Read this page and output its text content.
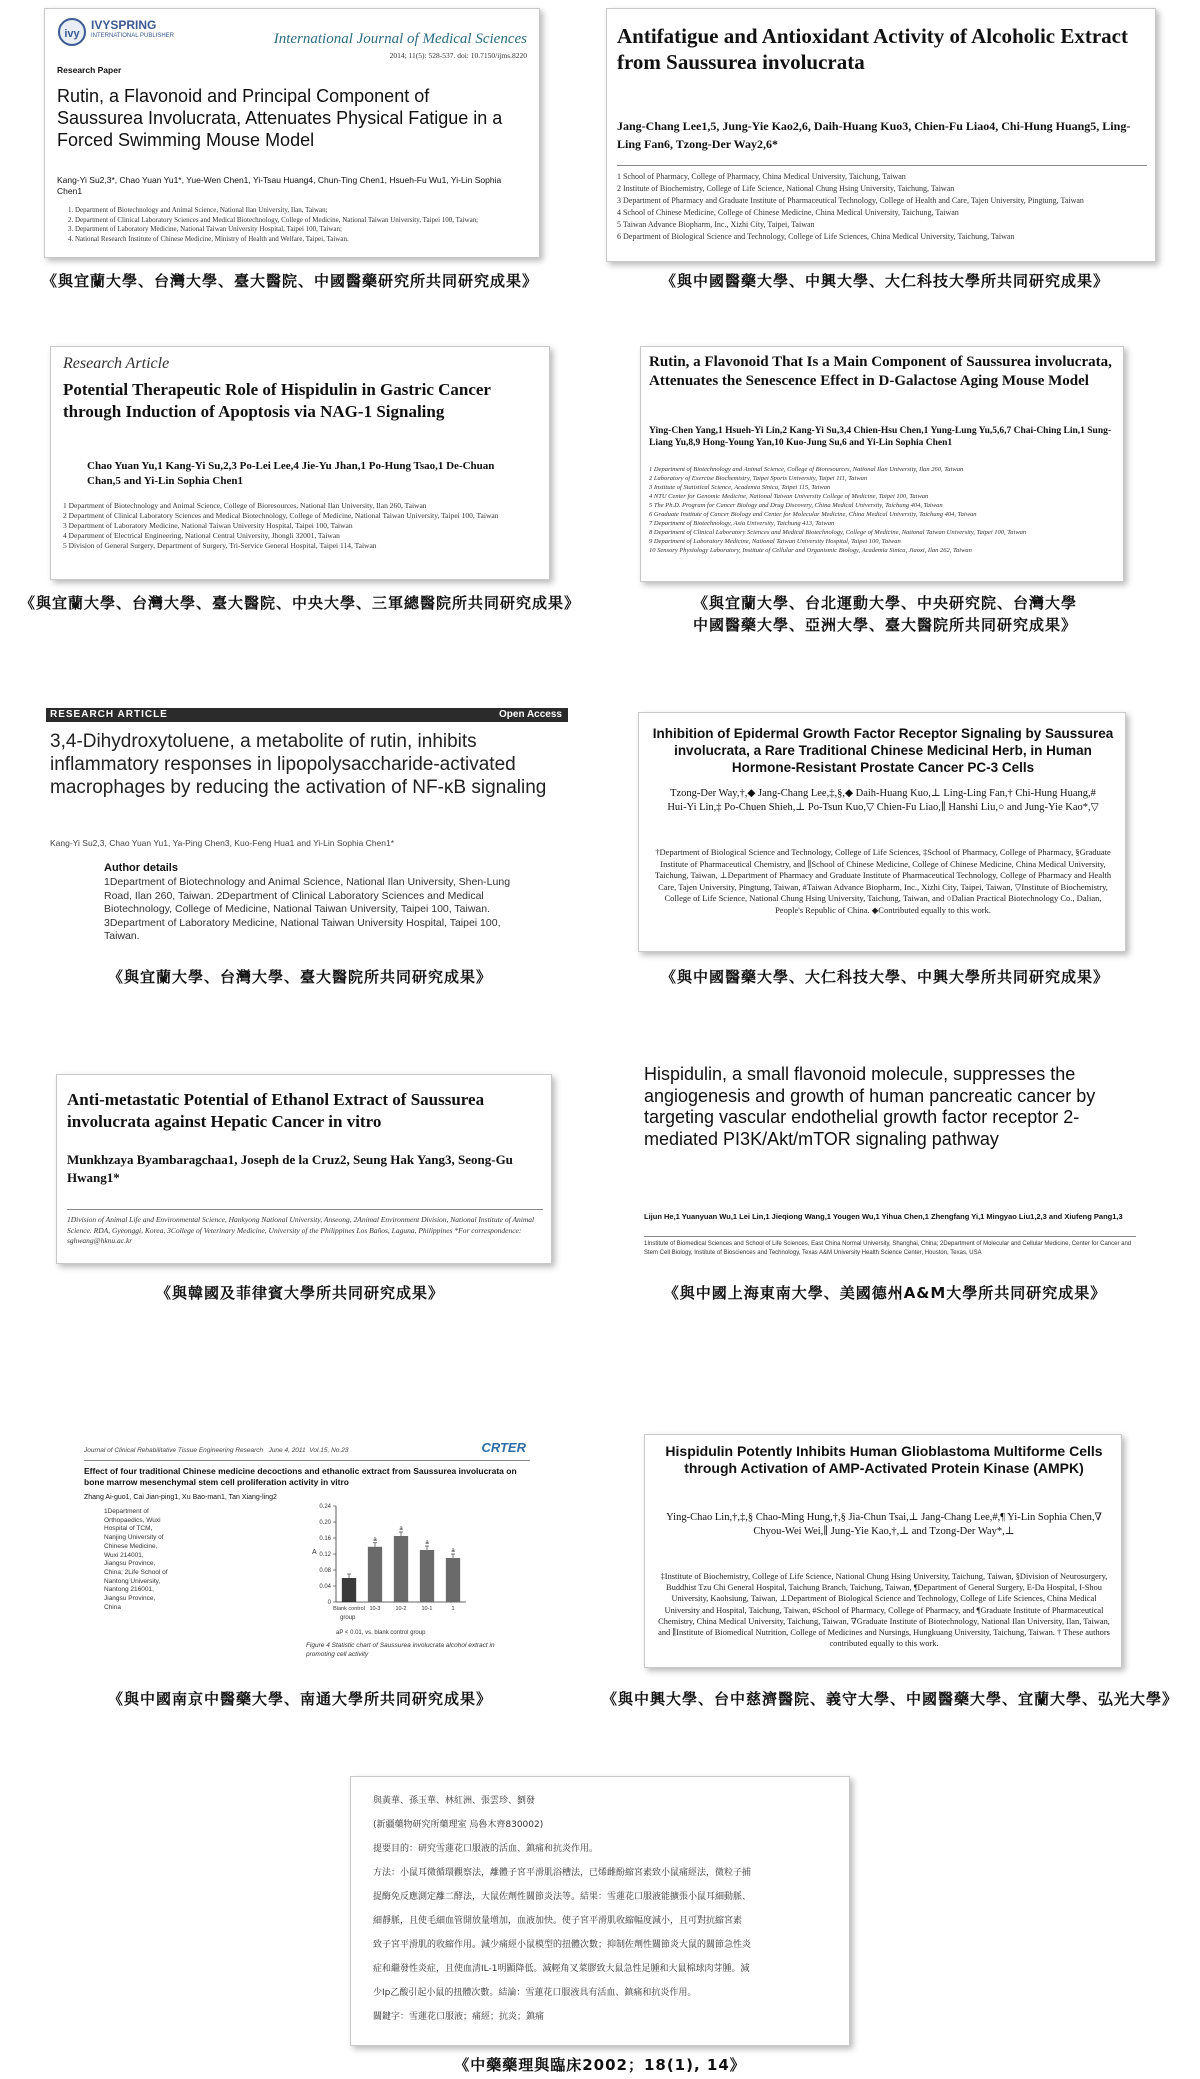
ivy
IVYSPRING
INTERNATIONAL PUBLISHER	International Journal of Medical Sciences
2014; 11(5): 528-537. doi: 10.7150/ijms.8220
Research Paper
Rutin, a Flavonoid and Principal Component of Saussurea Involucrata, Attenuates Physical Fatigue in a Forced Swimming Mouse Model
Kang-Yi Su2,3*, Chao Yuan Yu1*, Yue-Wen Chen1, Yi-Tsau Huang4, Chun-Ting Chen1, Hsueh-Fu Wu1, Yi-Lin Sophia Chen1
1. Department of Biotechnology and Animal Science, National Ilan University, Ilan, Taiwan;
2. Department of Clinical Laboratory Sciences and Medical Biotechnology, College of Medicine, National Taiwan University, Taipei 100, Taiwan;
3. Department of Laboratory Medicine, National Taiwan University Hospital, Taipei 100, Taiwan;
4. National Research Institute of Chinese Medicine, Ministry of Health and Welfare, Taipei, Taiwan.
《與宜蘭大學、台灣大學、臺大醫院、中國醫藥研究所共同研究成果》
Antifatigue and Antioxidant Activity of Alcoholic Extract from Saussurea involucrata
Jang-Chang Lee1,5, Jung-Yie Kao2,6, Daih-Huang Kuo3, Chien-Fu Liao4, Chi-Hung Huang5, Ling-Ling Fan6, Tzong-Der Way2,6*
1 School of Pharmacy, College of Pharmacy, China Medical University, Taichung, Taiwan
2 Institute of Biochemistry, College of Life Science, National Chung Hsing University, Taichung, Taiwan
3 Department of Pharmacy and Graduate Institute of Pharmaceutical Technology, College of Health and Care, Tajen University, Pingtung, Taiwan
4 School of Chinese Medicine, College of Chinese Medicine, China Medical University, Taichung, Taiwan
5 Taiwan Advance Biopharm, Inc., Xizhi City, Taipei, Taiwan
6 Department of Biological Science and Technology, College of Life Sciences, China Medical University, Taichung, Taiwan
《與中國醫藥大學、中興大學、大仁科技大學所共同研究成果》
Research Article
Potential Therapeutic Role of Hispidulin in Gastric Cancer through Induction of Apoptosis via NAG-1 Signaling
Chao Yuan Yu,1 Kang-Yi Su,2,3 Po-Lei Lee,4 Jie-Yu Jhan,1 Po-Hung Tsao,1 De-Chuan Chan,5 and Yi-Lin Sophia Chen1
1 Department of Biotechnology and Animal Science, College of Bioresources, National Ilan University, Ilan 260, Taiwan
2 Department of Clinical Laboratory Sciences and Medical Biotechnology, College of Medicine, National Taiwan University, Taipei 100, Taiwan
3 Department of Laboratory Medicine, National Taiwan University Hospital, Taipei 100, Taiwan
4 Department of Electrical Engineering, National Central University, Jhongli 32001, Taiwan
5 Division of General Surgery, Department of Surgery, Tri-Service General Hospital, Taipei 114, Taiwan
《與宜蘭大學、台灣大學、臺大醫院、中央大學、三軍總醫院所共同研究成果》
Rutin, a Flavonoid That Is a Main Component of Saussurea involucrata, Attenuates the Senescence Effect in D-Galactose Aging Mouse Model
Ying-Chen Yang,1 Hsueh-Yi Lin,2 Kang-Yi Su,3,4 Chien-Hsu Chen,1 Yung-Lung Yu,5,6,7 Chai-Ching Lin,1 Sung-Liang Yu,8,9 Hong-Young Yan,10 Kuo-Jung Su,6 and Yi-Lin Sophia Chen1
1 Department of Biotechnology and Animal Science, College of Bioresources, National Ilan University, Ilan 260, Taiwan
2 Laboratory of Exercise Biochemistry, Taipei Sports University, Taipei 111, Taiwan
3 Institute of Statistical Science, Academia Sinica, Taipei 115, Taiwan
4 NTU Center for Genomic Medicine, National Taiwan University College of Medicine, Taipei 100, Taiwan
5 The Ph.D. Program for Cancer Biology and Drug Discovery, China Medical University, Taichung 404, Taiwan
6 Graduate Institute of Cancer Biology and Center for Molecular Medicine, China Medical University, Taichung 404, Taiwan
7 Department of Biotechnology, Asia University, Taichung 413, Taiwan
8 Department of Clinical Laboratory Sciences and Medical Biotechnology, College of Medicine, National Taiwan University, Taipei 100, Taiwan
9 Department of Laboratory Medicine, National Taiwan University Hospital, Taipei 100, Taiwan
10 Sensory Physiology Laboratory, Institute of Cellular and Organismic Biology, Academia Sinica, Jiaoxi, Ilan 262, Taiwan
《與宜蘭大學、台北運動大學、中央研究院、台灣大學
中國醫藥大學、亞洲大學、臺大醫院所共同研究成果》
RESEARCH ARTICLE	Open Access
3,4-Dihydroxytoluene, a metabolite of rutin, inhibits inflammatory responses in lipopolysaccharide-activated macrophages by reducing the activation of NF-κB signaling
Kang-Yi Su2,3, Chao Yuan Yu1, Ya-Ping Chen3, Kuo-Feng Hua1 and Yi-Lin Sophia Chen1*
Author details
1Department of Biotechnology and Animal Science, National Ilan University, Shen-Lung Road, Ilan 260, Taiwan. 2Department of Clinical Laboratory Sciences and Medical Biotechnology, College of Medicine, National Taiwan University, Taipei 100, Taiwan. 3Department of Laboratory Medicine, National Taiwan University Hospital, Taipei 100, Taiwan.
《與宜蘭大學、台灣大學、臺大醫院所共同研究成果》
Inhibition of Epidermal Growth Factor Receptor Signaling by Saussurea involucrata, a Rare Traditional Chinese Medicinal Herb, in Human Hormone-Resistant Prostate Cancer PC-3 Cells
Tzong-Der Way,†,◆ Jang-Chang Lee,‡,§,◆ Daih-Huang Kuo,⊥ Ling-Ling Fan,† Chi-Hung Huang,# Hui-Yi Lin,‡ Po-Chuen Shieh,⊥ Po-Tsun Kuo,▽ Chien-Fu Liao,∥ Hanshi Liu,○ and Jung-Yie Kao*,▽
†Department of Biological Science and Technology, College of Life Sciences, ‡School of Pharmacy, College of Pharmacy, §Graduate Institute of Pharmaceutical Chemistry, and ∥School of Chinese Medicine, College of Chinese Medicine, China Medical University, Taichung, Taiwan, ⊥Department of Pharmacy and Graduate Institute of Pharmaceutical Technology, College of Pharmacy and Health Care, Tajen University, Pingtung, Taiwan, #Taiwan Advance Biopharm, Inc., Xizhi City, Taipei, Taiwan, ▽Institute of Biochemistry, College of Life Science, National Chung Hsing University, Taichung, Taiwan, and ○Dalian Practical Biotechnology Co., Dalian, People's Republic of China. ◆Contributed equally to this work.
《與中國醫藥大學、大仁科技大學、中興大學所共同研究成果》
Anti-metastatic Potential of Ethanol Extract of Saussurea involucrata against Hepatic Cancer in vitro
Munkhzaya Byambaragchaa1, Joseph de la Cruz2, Seung Hak Yang3, Seong-Gu Hwang1*
1Division of Animal Life and Environmental Science, Hankyong National University, Anseong, 2Animal Environment Division, National Institute of Animal Science. RDA, Gyeonggi, Korea, 3College of Veterinary Medicine, University of the Philippines Los Baños, Laguna, Philippines *For correspondence: sghwang@hknu.ac.kr
《與韓國及菲律賓大學所共同研究成果》
Hispidulin, a small flavonoid molecule, suppresses the angiogenesis and growth of human pancreatic cancer by targeting vascular endothelial growth factor receptor 2-mediated PI3K/Akt/mTOR signaling pathway
Lijun He,1 Yuanyuan Wu,1 Lei Lin,1 Jieqiong Wang,1 Yougen Wu,1 Yihua Chen,1 Zhengfang Yi,1 Mingyao Liu1,2,3 and Xiufeng Pang1,3
1Institute of Biomedical Sciences and School of Life Sciences, East China Normal University, Shanghai, China; 2Department of Molecular and Cellular Medicine, Center for Cancer and Stem Cell Biology, Institute of Biosciences and Technology, Texas A&M University Health Science Center, Houston, Texas, USA
《與中國上海東南大學、美國德州A&M大學所共同研究成果》
Journal of Clinical Rehabilitative Tissue Engineering Research   June 4, 2011  Vol.15, No.23	CRTER
Effect of four traditional Chinese medicine decoctions and ethanolic extract from Saussurea involucrata on bone marrow mesenchymal stem cell proliferation activity in vitro
Zhang Ai-guo1, Cai Jian-ping1, Xu Bao-man1, Tan Xiang-ling2
1Department of
Orthopaedics, Wuxi
Hospital of TCM,
Nanjing University of
Chinese Medicine,
Wuxi 214001,
Jiangsu Province,
China; 2Life School of
Nantong University,
Nantong 216001,
Jiangsu Province,
China
0
0.04
0.08
0.12
0.16
0.20
0.24
A
Blank control
a
10-3
a
10-2
a
10-1
a
1
group
aP < 0.01, vs. blank control group
Figure 4 Statistic chart of Saussurea involucrata alcohol extract in promoting cell activity
《與中國南京中醫藥大學、南通大學所共同研究成果》
Hispidulin Potently Inhibits Human Glioblastoma Multiforme Cells through Activation of AMP-Activated Protein Kinase (AMPK)
Ying-Chao Lin,†,‡,§ Chao-Ming Hung,†,§ Jia-Chun Tsai,⊥ Jang-Chang Lee,#,¶ Yi-Lin Sophia Chen,∇ Chyou-Wei Wei,∥ Jung-Yie Kao,†,⊥ and Tzong-Der Way*,⊥
‡Institute of Biochemistry, College of Life Science, National Chung Hsing University, Taichung, Taiwan, §Division of Neurosurgery, Buddhist Tzu Chi General Hospital, Taichung Branch, Taichung, Taiwan, ¶Department of General Surgery, E-Da Hospital, I-Shou University, Kaohsiung, Taiwan, ⊥Department of Biological Science and Technology, College of Life Sciences, China Medical University and Hospital, Taichung, Taiwan, #School of Pharmacy, College of Pharmacy, and ¶Graduate Institute of Pharmaceutical Chemistry, China Medical University, Taichung, Taiwan, ∇Graduate Institute of Biotechnology, National Ilan University, Ilan, Taiwan, and ∥Institute of Biomedical Nutrition, College of Medicines and Nursings, Hungkuang University, Taichung, Taiwan. † These authors contributed equally to this work.
《與中興大學、台中慈濟醫院、義守大學、中國醫藥大學、宜蘭大學、弘光大學》
與黃華、孫玉華、林紅洲、張雲珍、劉發
(新疆藥物研究所藥理室 烏魯木齊830002)
提要目的：研究雪蓮花口服液的活血、鎮痛和抗炎作用。
方法：小鼠耳微循環觀察法，離體子宮平滑肌浴槽法，已烯雌酚縮宮素致小鼠痛經法，微粒子捕
捉酶免反應測定離二酵法，大鼠佐劑性關節炎法等。結果：雪蓮花口服液能擴張小鼠耳細動脈、
細靜脈，且使毛細血管開放量增加，血液加快。使子宮平滑肌收縮幅度減小，且可對抗縮宮素
致子宮平滑肌的收縮作用。減少痛經小鼠模型的扭體次數；抑制佐劑性關節炎大鼠的關節急性炎
症和繼發性炎症，且使血清IL-1明顯降低。減輕角叉菜膠致大鼠急性足腫和大鼠棉球肉芽腫。減
少Ip乙酸引起小鼠的扭體次數。結論：雪蓮花口服液具有活血、鎮痛和抗炎作用。
關鍵字：雪蓮花口服液；痛經；抗炎；鎮痛
《中藥藥理與臨床2002；18(1), 14》
